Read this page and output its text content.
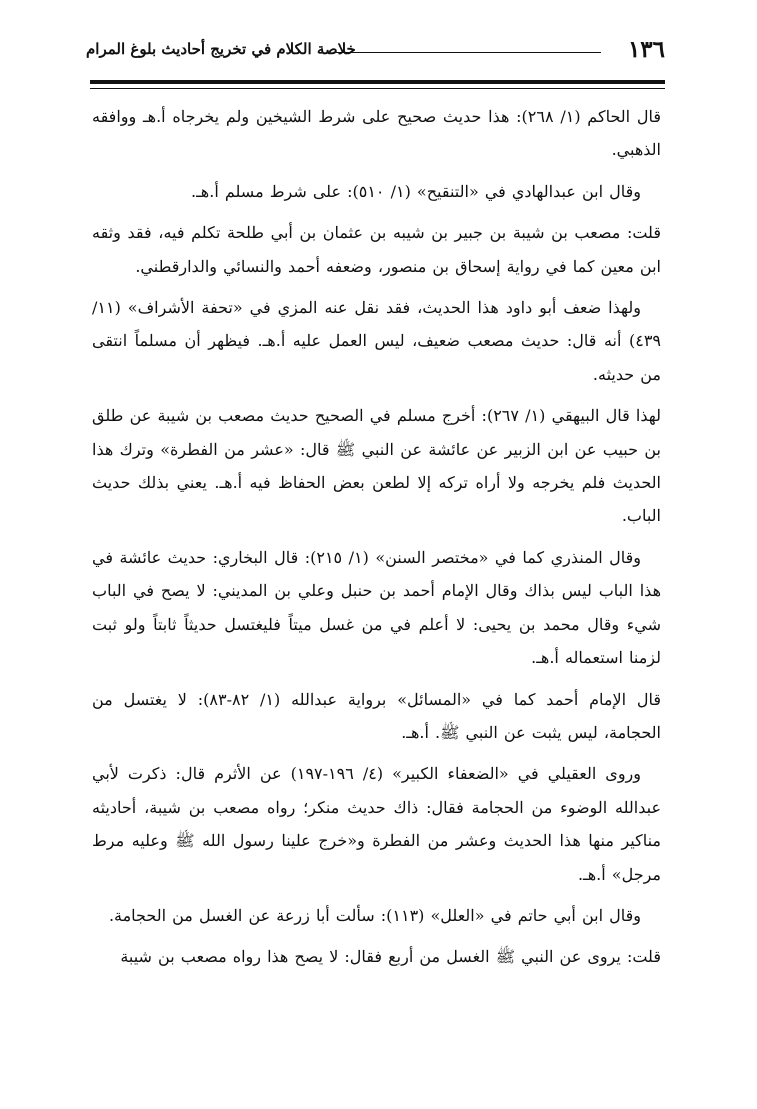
١٣٦
خلاصة الكلام في تخريج أحاديث بلوغ المرام

قال الحاكم (١/ ٢٦٨): هذا حديث صحيح على شرط الشيخين ولم يخرجاه أ.هـ ووافقه الذهبي.

وقال ابن عبدالهادي في «التنقيح» (١/ ٥١٠): على شرط مسلم أ.هـ.

قلت: مصعب بن شيبة بن جبير بن شيبه بن عثمان بن أبي طلحة تكلم فيه، فقد وثقه ابن معين كما في رواية إسحاق بن منصور، وضعفه أحمد والنسائي والدارقطني.

ولهذا ضعف أبو داود هذا الحديث، فقد نقل عنه المزي في «تحفة الأشراف» (١١/ ٤٣٩) أنه قال: حديث مصعب ضعيف، ليس العمل عليه أ.هـ. فيظهر أن مسلماً انتقى من حديثه.

لهذا قال البيهقي (١/ ٢٦٧): أخرج مسلم في الصحيح حديث مصعب بن شيبة عن طلق بن حبيب عن ابن الزبير عن عائشة عن النبي ﷺ قال: «عشر من الفطرة» وترك هذا الحديث فلم يخرجه ولا أراه تركه إلا لطعن بعض الحفاظ فيه أ.هـ. يعني بذلك حديث الباب.

وقال المنذري كما في «مختصر السنن» (١/ ٢١٥): قال البخاري: حديث عائشة في هذا الباب ليس بذاك وقال الإمام أحمد بن حنبل وعلي بن المديني: لا يصح في الباب شيء وقال محمد بن يحيى: لا أعلم في من غسل ميتاً فليغتسل حديثاً ثابتاً ولو ثبت لزمنا استعماله أ.هـ.

قال الإمام أحمد كما في «المسائل» برواية عبدالله (١/ ٨٢-٨٣): لا يغتسل من الحجامة، ليس يثبت عن النبي ﷺ. أ.هـ.

وروى العقيلي في «الضعفاء الكبير» (٤/ ١٩٦-١٩٧) عن الأثرم قال: ذكرت لأبي عبدالله الوضوء من الحجامة فقال: ذاك حديث منكر؛ رواه مصعب بن شيبة، أحاديثه مناكير منها هذا الحديث وعشر من الفطرة و«خرج علينا رسول الله ﷺ وعليه مرط مرجل» أ.هـ.

وقال ابن أبي حاتم في «العلل» (١١٣): سألت أبا زرعة عن الغسل من الحجامة.

قلت: يروى عن النبي ﷺ الغسل من أربع فقال: لا يصح هذا رواه مصعب بن شيبة
